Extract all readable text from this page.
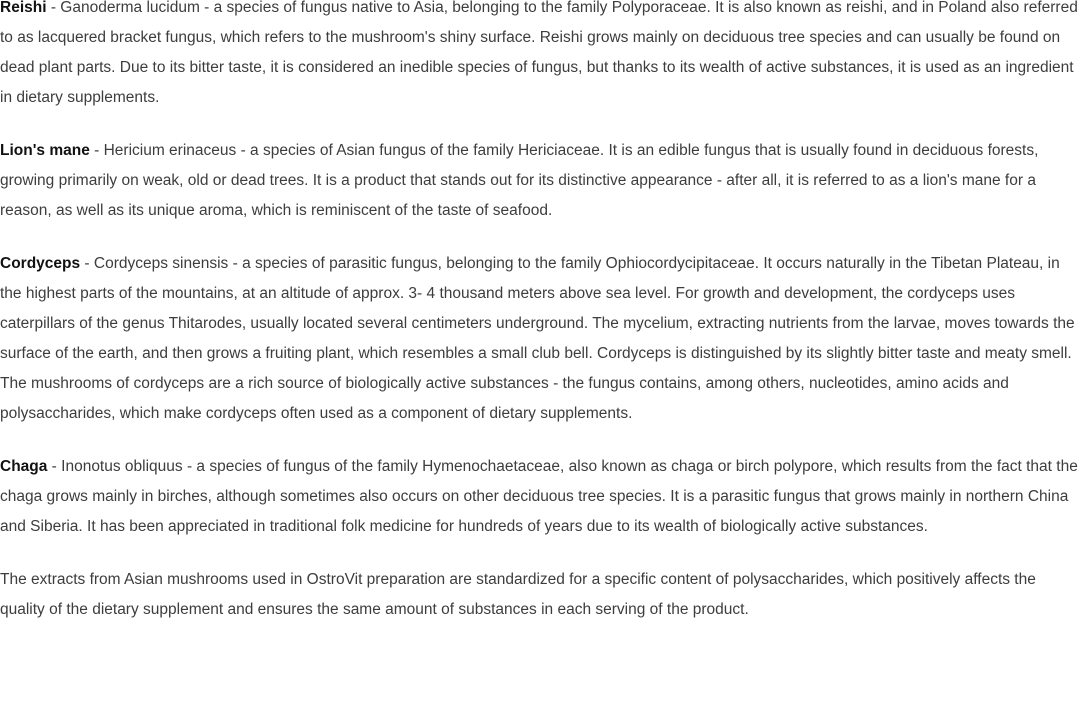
Reishi - Ganoderma lucidum - a species of fungus native to Asia, belonging to the family Polyporaceae. It is also known as reishi, and in Poland also referred to as lacquered bracket fungus, which refers to the mushroom's shiny surface. Reishi grows mainly on deciduous tree species and can usually be found on dead plant parts. Due to its bitter taste, it is considered an inedible species of fungus, but thanks to its wealth of active substances, it is used as an ingredient in dietary supplements.

Lion's mane - Hericium erinaceus - a species of Asian fungus of the family Hericiaceae. It is an edible fungus that is usually found in deciduous forests, growing primarily on weak, old or dead trees. It is a product that stands out for its distinctive appearance - after all, it is referred to as a lion's mane for a reason, as well as its unique aroma, which is reminiscent of the taste of seafood.

Cordyceps - Cordyceps sinensis - a species of parasitic fungus, belonging to the family Ophiocordycipitaceae. It occurs naturally in the Tibetan Plateau, in the highest parts of the mountains, at an altitude of approx. 3- 4 thousand meters above sea level. For growth and development, the cordyceps uses caterpillars of the genus Thitarodes, usually located several centimeters underground. The mycelium, extracting nutrients from the larvae, moves towards the surface of the earth, and then grows a fruiting plant, which resembles a small club bell. Cordyceps is distinguished by its slightly bitter taste and meaty smell. The mushrooms of cordyceps are a rich source of biologically active substances - the fungus contains, among others, nucleotides, amino acids and polysaccharides, which make cordyceps often used as a component of dietary supplements.

Chaga - Inonotus obliquus - a species of fungus of the family Hymenochaetaceae, also known as chaga or birch polypore, which results from the fact that the chaga grows mainly in birches, although sometimes also occurs on other deciduous tree species. It is a parasitic fungus that grows mainly in northern China and Siberia. It has been appreciated in traditional folk medicine for hundreds of years due to its wealth of biologically active substances.

The extracts from Asian mushrooms used in OstroVit preparation are standardized for a specific content of polysaccharides, which positively affects the quality of the dietary supplement and ensures the same amount of substances in each serving of the product.
